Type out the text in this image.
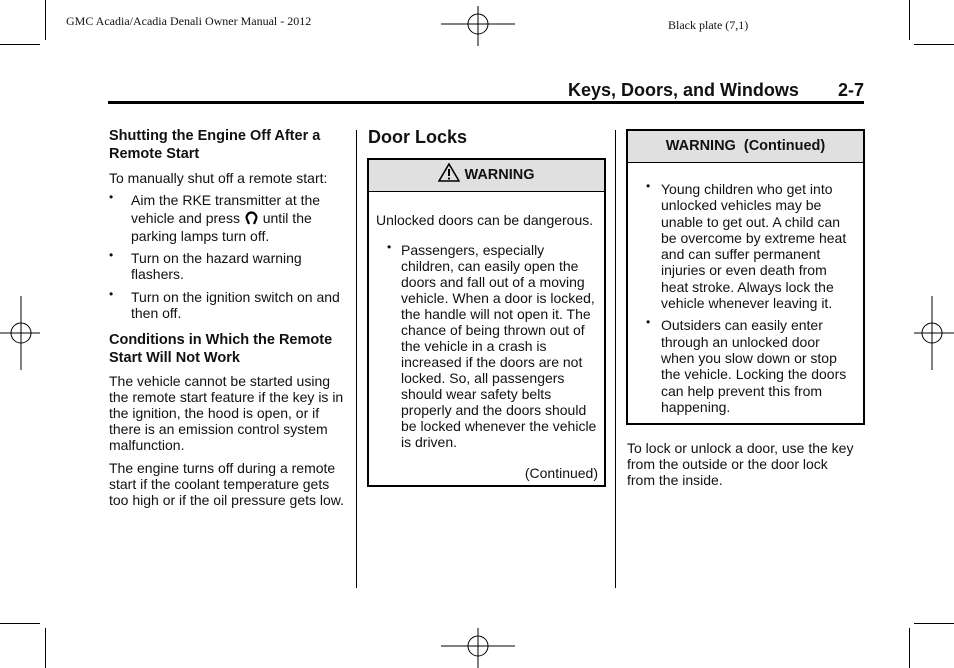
GMC Acadia/Acadia Denali Owner Manual - 2012	Black plate (7,1)
Keys, Doors, and Windows 2-7
Shutting the Engine Off After a Remote Start

To manually shut off a remote start:

• Aim the RKE transmitter at the vehicle and press until the parking lamps turn off.
• Turn on the hazard warning flashers.
• Turn on the ignition switch on and then off.
Conditions in Which the Remote Start Will Not Work

The vehicle cannot be started using the remote start feature if the key is in the ignition, the hood is open, or if there is an emission control system malfunction.

The engine turns off during a remote start if the coolant temperature gets too high or if the oil pressure gets low.

Door Locks
WARNING

Unlocked doors can be dangerous.

• Passengers, especially children, can easily open the doors and fall out of a moving vehicle. When a door is locked, the handle will not open it. The chance of being thrown out of the vehicle in a crash is increased if the doors are not locked. So, all passengers should wear safety belts properly and the doors should be locked whenever the vehicle is driven.
(Continued)
WARNING  (Continued)
• Young children who get into unlocked vehicles may be unable to get out. A child can be overcome by extreme heat and can suffer permanent injuries or even death from heat stroke. Always lock the vehicle whenever leaving it.
• Outsiders can easily enter through an unlocked door when you slow down or stop the vehicle. Locking the doors can help prevent this from happening.
To lock or unlock a door, use the key from the outside or the door lock from the inside.
